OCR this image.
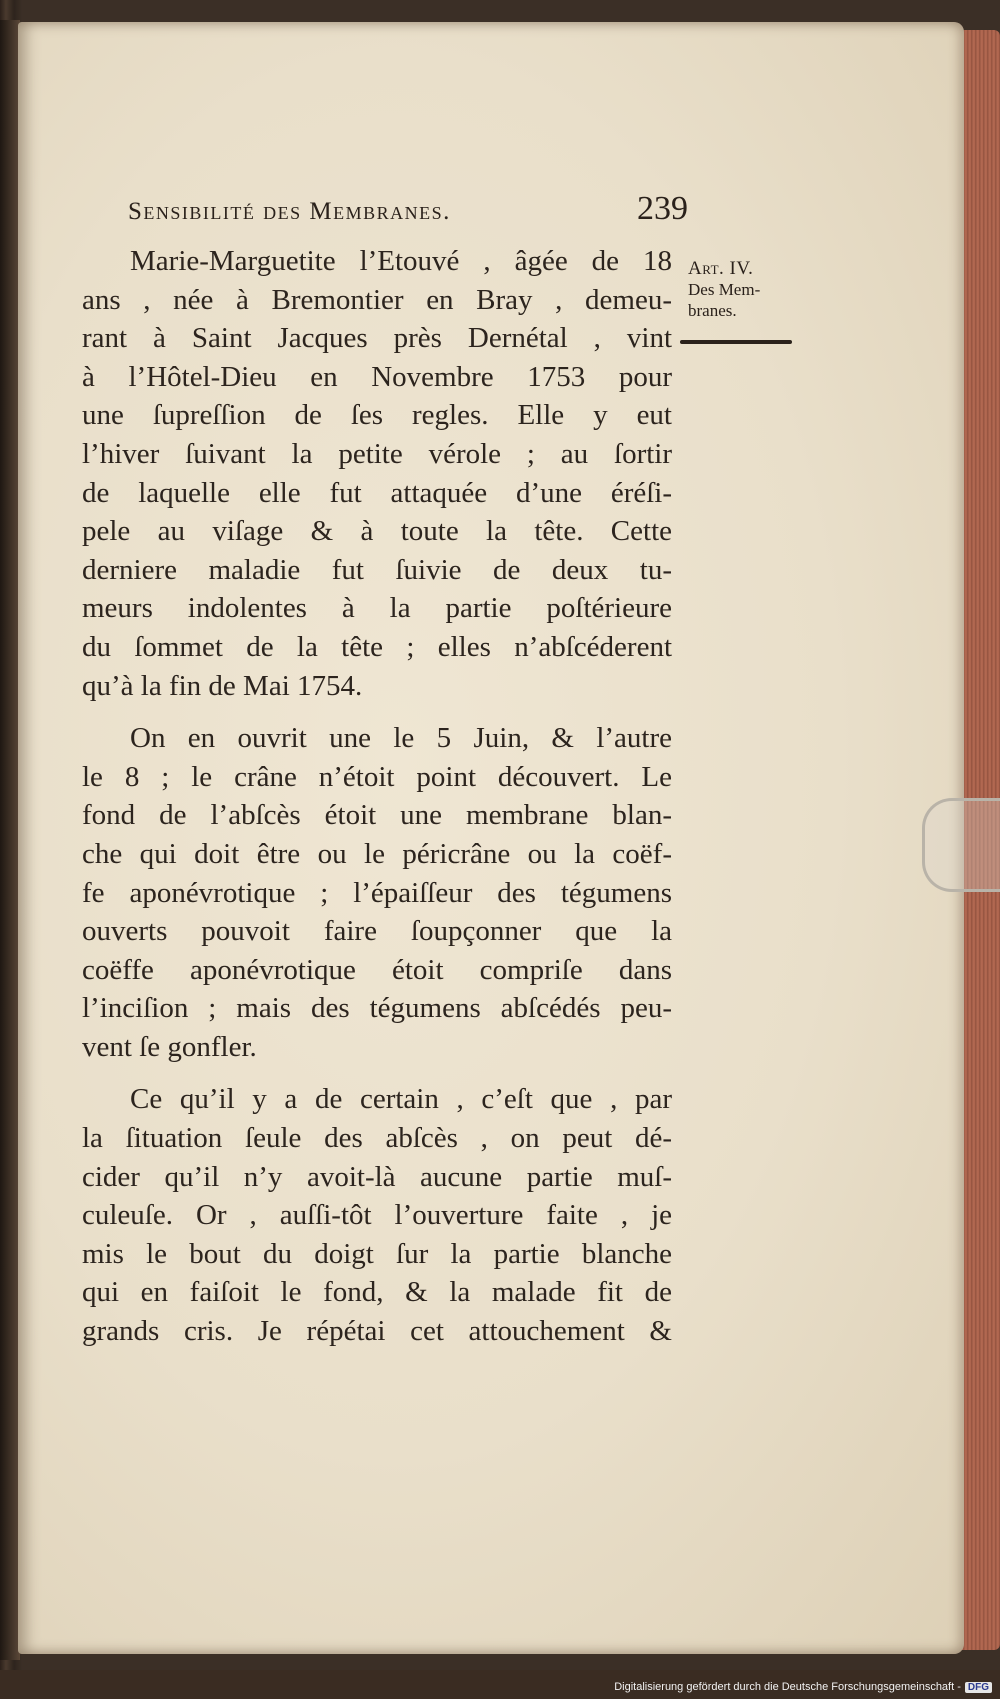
Sensibilité des Membranes.	239
Art. IV.
Des Mem-
branes.

Marie-Marguetite l’Etouvé , âgée de 18
ans , née à Bremontier en Bray , demeu-
rant à Saint Jacques près Dernétal , vint
à l’Hôtel-Dieu en Novembre 1753 pour
une ſupreſſion de ſes regles. Elle y eut
l’hiver ſuivant la petite vérole ; au ſortir
de laquelle elle fut attaquée d’une éréſi-
pele au viſage & à toute la tête. Cette
derniere maladie fut ſuivie de deux tu-
meurs indolentes à la partie poſtérieure
du ſommet de la tête ; elles n’abſcéderent
qu’à la fin de Mai 1754.

On en ouvrit une le 5 Juin, & l’autre
le 8 ; le crâne n’étoit point découvert. Le
fond de l’abſcès étoit une membrane blan-
che qui doit être ou le péricrâne ou la coëf-
fe aponévrotique ; l’épaiſſeur des tégumens
ouverts pouvoit faire ſoupçonner que la
coëffe aponévrotique étoit compriſe dans
l’inciſion ; mais des tégumens abſcédés peu-
vent ſe gonfler.

Ce qu’il y a de certain , c’eſt que , par
la ſituation ſeule des abſcès , on peut dé-
cider qu’il n’y avoit-là aucune partie muſ-
culeuſe. Or , auſſi-tôt l’ouverture faite , je
mis le bout du doigt ſur la partie blanche
qui en faiſoit le fond, & la malade fit de
grands cris. Je répétai cet attouchement &

Digitalisierung gefördert durch die Deutsche Forschungsgemeinschaft - DFG
